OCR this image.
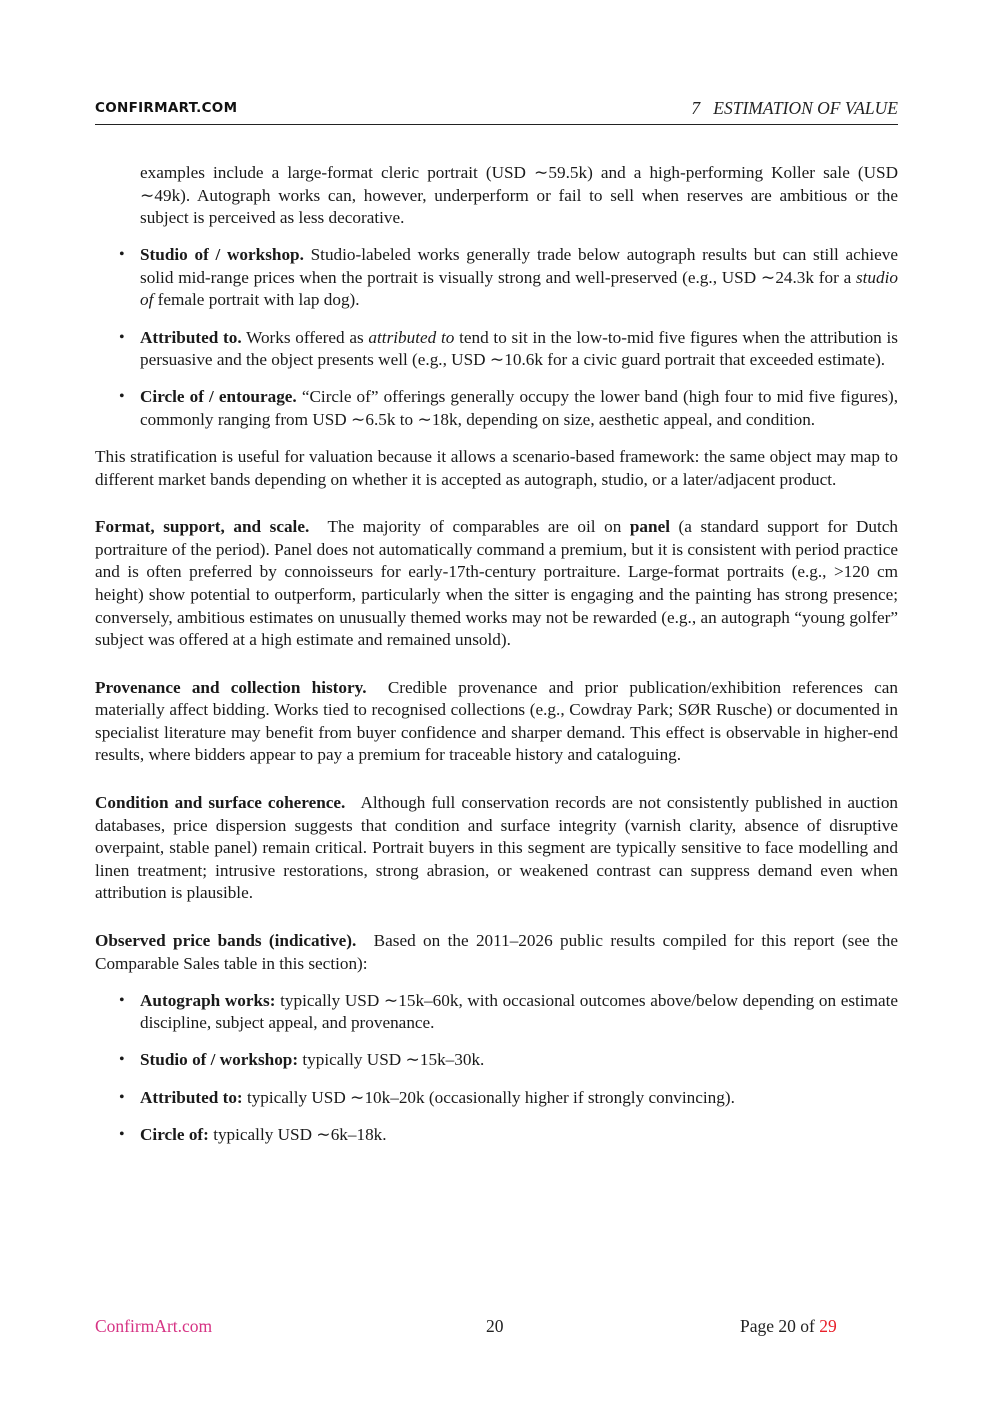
CONFIRMART.COM	7   ESTIMATION OF VALUE

examples include a large-format cleric portrait (USD ∼59.5k) and a high-performing Koller sale (USD ∼49k). Autograph works can, however, underperform or fail to sell when reserves are ambitious or the subject is perceived as less decorative.

• Studio of / workshop. Studio-labeled works generally trade below autograph results but can still achieve solid mid-range prices when the portrait is visually strong and well-preserved (e.g., USD ∼24.3k for a studio of female portrait with lap dog).
• Attributed to. Works offered as attributed to tend to sit in the low-to-mid five figures when the attribution is persuasive and the object presents well (e.g., USD ∼10.6k for a civic guard portrait that exceeded estimate).
• Circle of / entourage. “Circle of” offerings generally occupy the lower band (high four to mid five figures), commonly ranging from USD ∼6.5k to ∼18k, depending on size, aesthetic appeal, and condition.

This stratification is useful for valuation because it allows a scenario-based framework: the same object may map to different market bands depending on whether it is accepted as autograph, studio, or a later/adjacent product.

Format, support, and scale. The majority of comparables are oil on panel (a standard support for Dutch portraiture of the period). Panel does not automatically command a premium, but it is consistent with period practice and is often preferred by connoisseurs for early-17th-century portraiture. Large-format portraits (e.g., >120 cm height) show potential to outperform, particularly when the sitter is engaging and the painting has strong presence; conversely, ambitious estimates on unusually themed works may not be rewarded (e.g., an autograph “young golfer” subject was offered at a high estimate and remained unsold).

Provenance and collection history. Credible provenance and prior publication/exhibition references can materially affect bidding. Works tied to recognised collections (e.g., Cowdray Park; SØR Rusche) or documented in specialist literature may benefit from buyer confidence and sharper demand. This effect is observable in higher-end results, where bidders appear to pay a premium for traceable history and cataloguing.

Condition and surface coherence. Although full conservation records are not consistently published in auction databases, price dispersion suggests that condition and surface integrity (varnish clarity, absence of disruptive overpaint, stable panel) remain critical. Portrait buyers in this segment are typically sensitive to face modelling and linen treatment; intrusive restorations, strong abrasion, or weakened contrast can suppress demand even when attribution is plausible.

Observed price bands (indicative). Based on the 2011–2026 public results compiled for this report (see the Comparable Sales table in this section):

• Autograph works: typically USD ∼15k–60k, with occasional outcomes above/below depending on estimate discipline, subject appeal, and provenance.
• Studio of / workshop: typically USD ∼15k–30k.
• Attributed to: typically USD ∼10k–20k (occasionally higher if strongly convincing).
• Circle of: typically USD ∼6k–18k.
ConfirmArt.com	20	Page 20 of 29
